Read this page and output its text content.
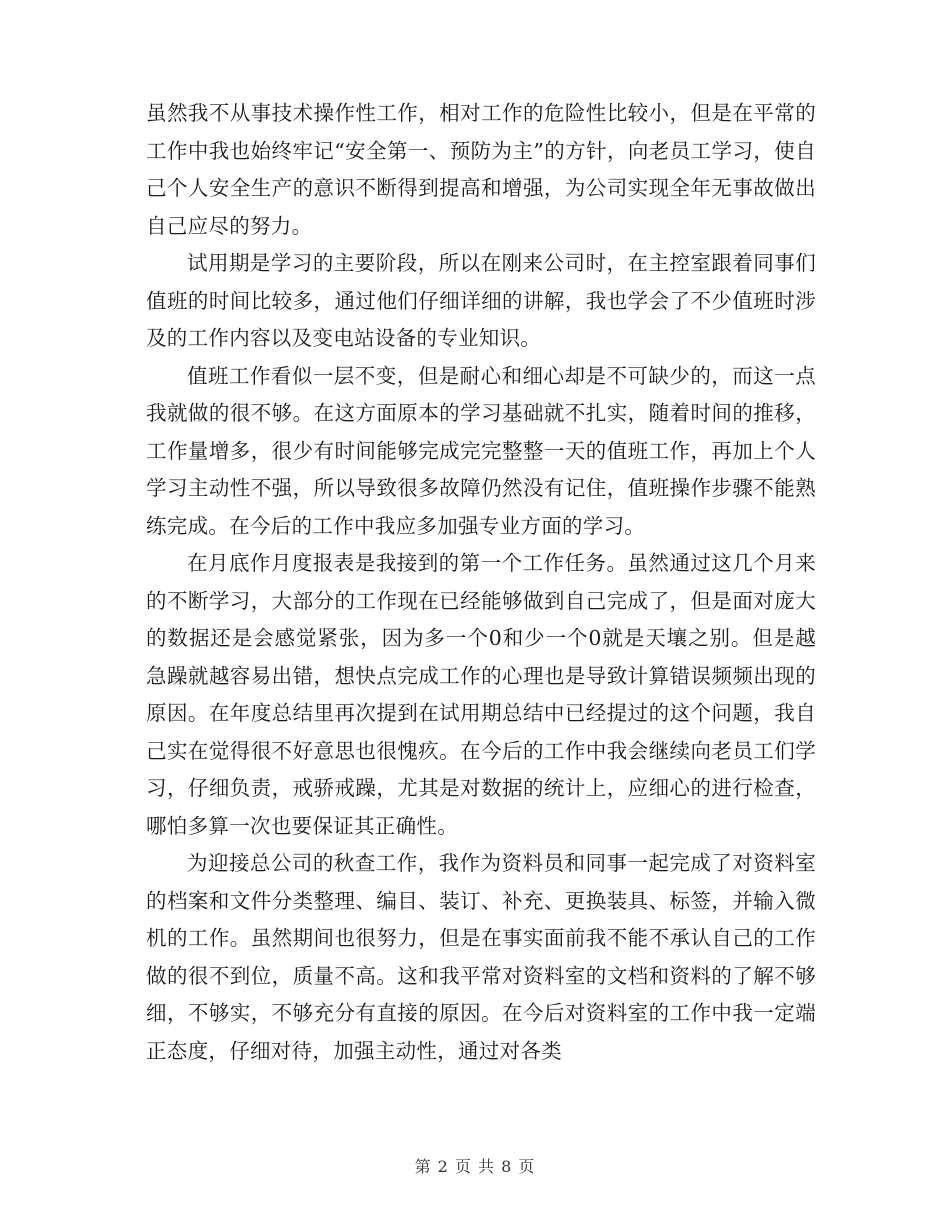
虽然我不从事技术操作性工作，相对工作的危险性比较小，但是在平常的工作中我也始终牢记“安全第一、预防为主”的方针，向老员工学习，使自己个人安全生产的意识不断得到提高和增强，为公司实现全年无事故做出自己应尽的努力。

试用期是学习的主要阶段，所以在刚来公司时，在主控室跟着同事们值班的时间比较多，通过他们仔细详细的讲解，我也学会了不少值班时涉及的工作内容以及变电站设备的专业知识。

值班工作看似一层不变，但是耐心和细心却是不可缺少的，而这一点我就做的很不够。在这方面原本的学习基础就不扎实，随着时间的推移，工作量增多，很少有时间能够完成完完整整一天的值班工作，再加上个人学习主动性不强，所以导致很多故障仍然没有记住，值班操作步骤不能熟练完成。在今后的工作中我应多加强专业方面的学习。

在月底作月度报表是我接到的第一个工作任务。虽然通过这几个月来的不断学习，大部分的工作现在已经能够做到自己完成了，但是面对庞大的数据还是会感觉紧张，因为多一个0和少一个0就是天壤之别。但是越急躁就越容易出错，想快点完成工作的心理也是导致计算错误频频出现的原因。在年度总结里再次提到在试用期总结中已经提过的这个问题，我自己实在觉得很不好意思也很愧疚。在今后的工作中我会继续向老员工们学习，仔细负责，戒骄戒躁，尤其是对数据的统计上，应细心的进行检查，哪怕多算一次也要保证其正确性。

为迎接总公司的秋查工作，我作为资料员和同事一起完成了对资料室的档案和文件分类整理、编目、装订、补充、更换装具、标签，并输入微机的工作。虽然期间也很努力，但是在事实面前我不能不承认自己的工作做的很不到位，质量不高。这和我平常对资料室的文档和资料的了解不够细，不够实，不够充分有直接的原因。在今后对资料室的工作中我一定端正态度，仔细对待，加强主动性，通过对各类

第 2 页 共 8 页
